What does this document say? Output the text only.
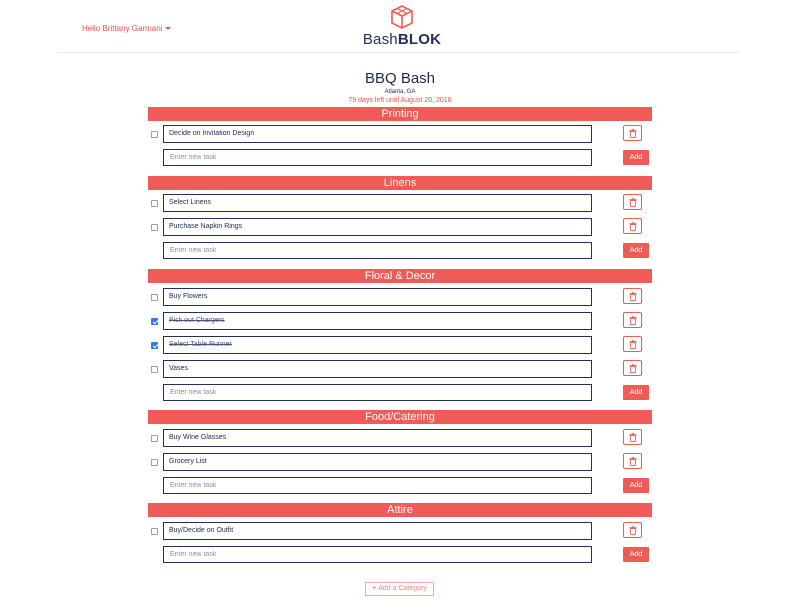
Hello Brittany Garmani
BashBLOK
BBQ Bash
Atlanta, GA
79 days left until August 20, 2016
Printing
Decide on Invitation Design
Enter new task
Add
Linens
Select Linens
Purchase Napkin Rings
Enter new task
Add
Floral & Decor
Buy Flowers
Pick out Chargers
Select Table Runner
Vases
Enter new task
Add
Food/Catering
Buy Wine Glasses
Grocery List
Enter new task
Add
Attire
Buy/Decide on Outfit
Enter new task
Add
+ Add a Category
